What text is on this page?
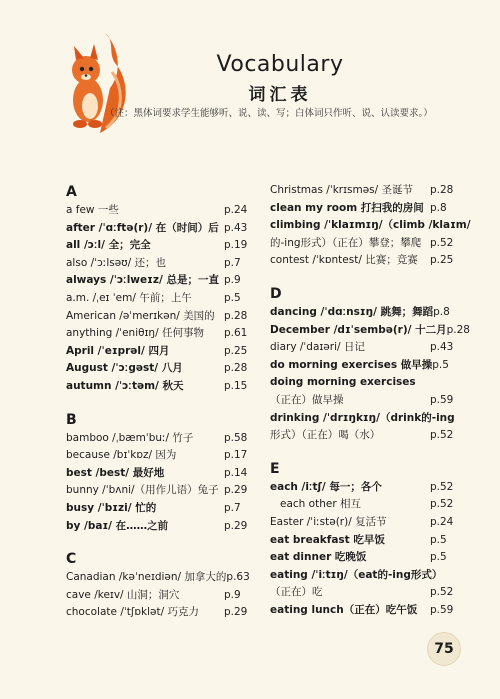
Vocabulary
词汇表
（注：黑体词要求学生能够听、说、读、写；白体词只作听、说、认读要求。）
A
a few 一些	p.24
after /ˈɑːftə(r)/ 在（时间）后 p.43
all /ɔːl/ 全；完全	p.19
also /ˈɔːlsəʊ/ 还；也	p.7
always /ˈɔːlweɪz/ 总是；一直 p.9
a.m. /ˌeɪ ˈem/ 午前；上午	p.5
American /əˈmerɪkən/ 美国的 p.28
anything /ˈeniθɪŋ/ 任何事物	p.61
April /ˈeɪprəl/ 四月	p.25
August /ˈɔːgəst/ 八月	p.28
autumn /ˈɔːtəm/ 秋天	p.15
B
bamboo /ˌbæmˈbuː/ 竹子	p.58
because /bɪˈkɒz/ 因为	p.17
best /best/ 最好地	p.14
bunny /ˈbʌni/（用作儿语）兔子 p.29
busy /ˈbɪzi/ 忙的	p.7
by /baɪ/ 在……之前	p.29
C
Canadian /kəˈneɪdiən/ 加拿大的 p.63
cave /keɪv/ 山洞；洞穴	p.9
chocolate /ˈtʃɒklət/ 巧克力	p.29
Christmas /ˈkrɪsməs/ 圣诞节	p.28
clean my room 打扫我的房间 p.8
climbing /ˈklaɪmɪŋ/（climb /klaɪm/
的-ing形式）（正在）攀登；攀爬 p.52
contest /ˈkɒntest/ 比赛；竞赛	p.25
D
dancing /ˈdɑːnsɪŋ/ 跳舞；舞蹈 p.8
December /dɪˈsembə(r)/ 十二月 p.28
diary /ˈdaɪəri/ 日记	p.43
do morning exercises 做早操 p.5
doing morning exercises
（正在）做早操	p.59
drinking /ˈdrɪŋkɪŋ/（drink的-ing
形式）（正在）喝（水）	p.52
E
each /iːtʃ/ 每一；各个	p.52
each other 相互	p.52
Easter /ˈiːstə(r)/ 复活节	p.24
eat breakfast 吃早饭	p.5
eat dinner 吃晚饭	p.5
eating /ˈiːtɪŋ/（eat的-ing形式）
（正在）吃	p.52
eating lunch（正在）吃午饭	p.59
75
